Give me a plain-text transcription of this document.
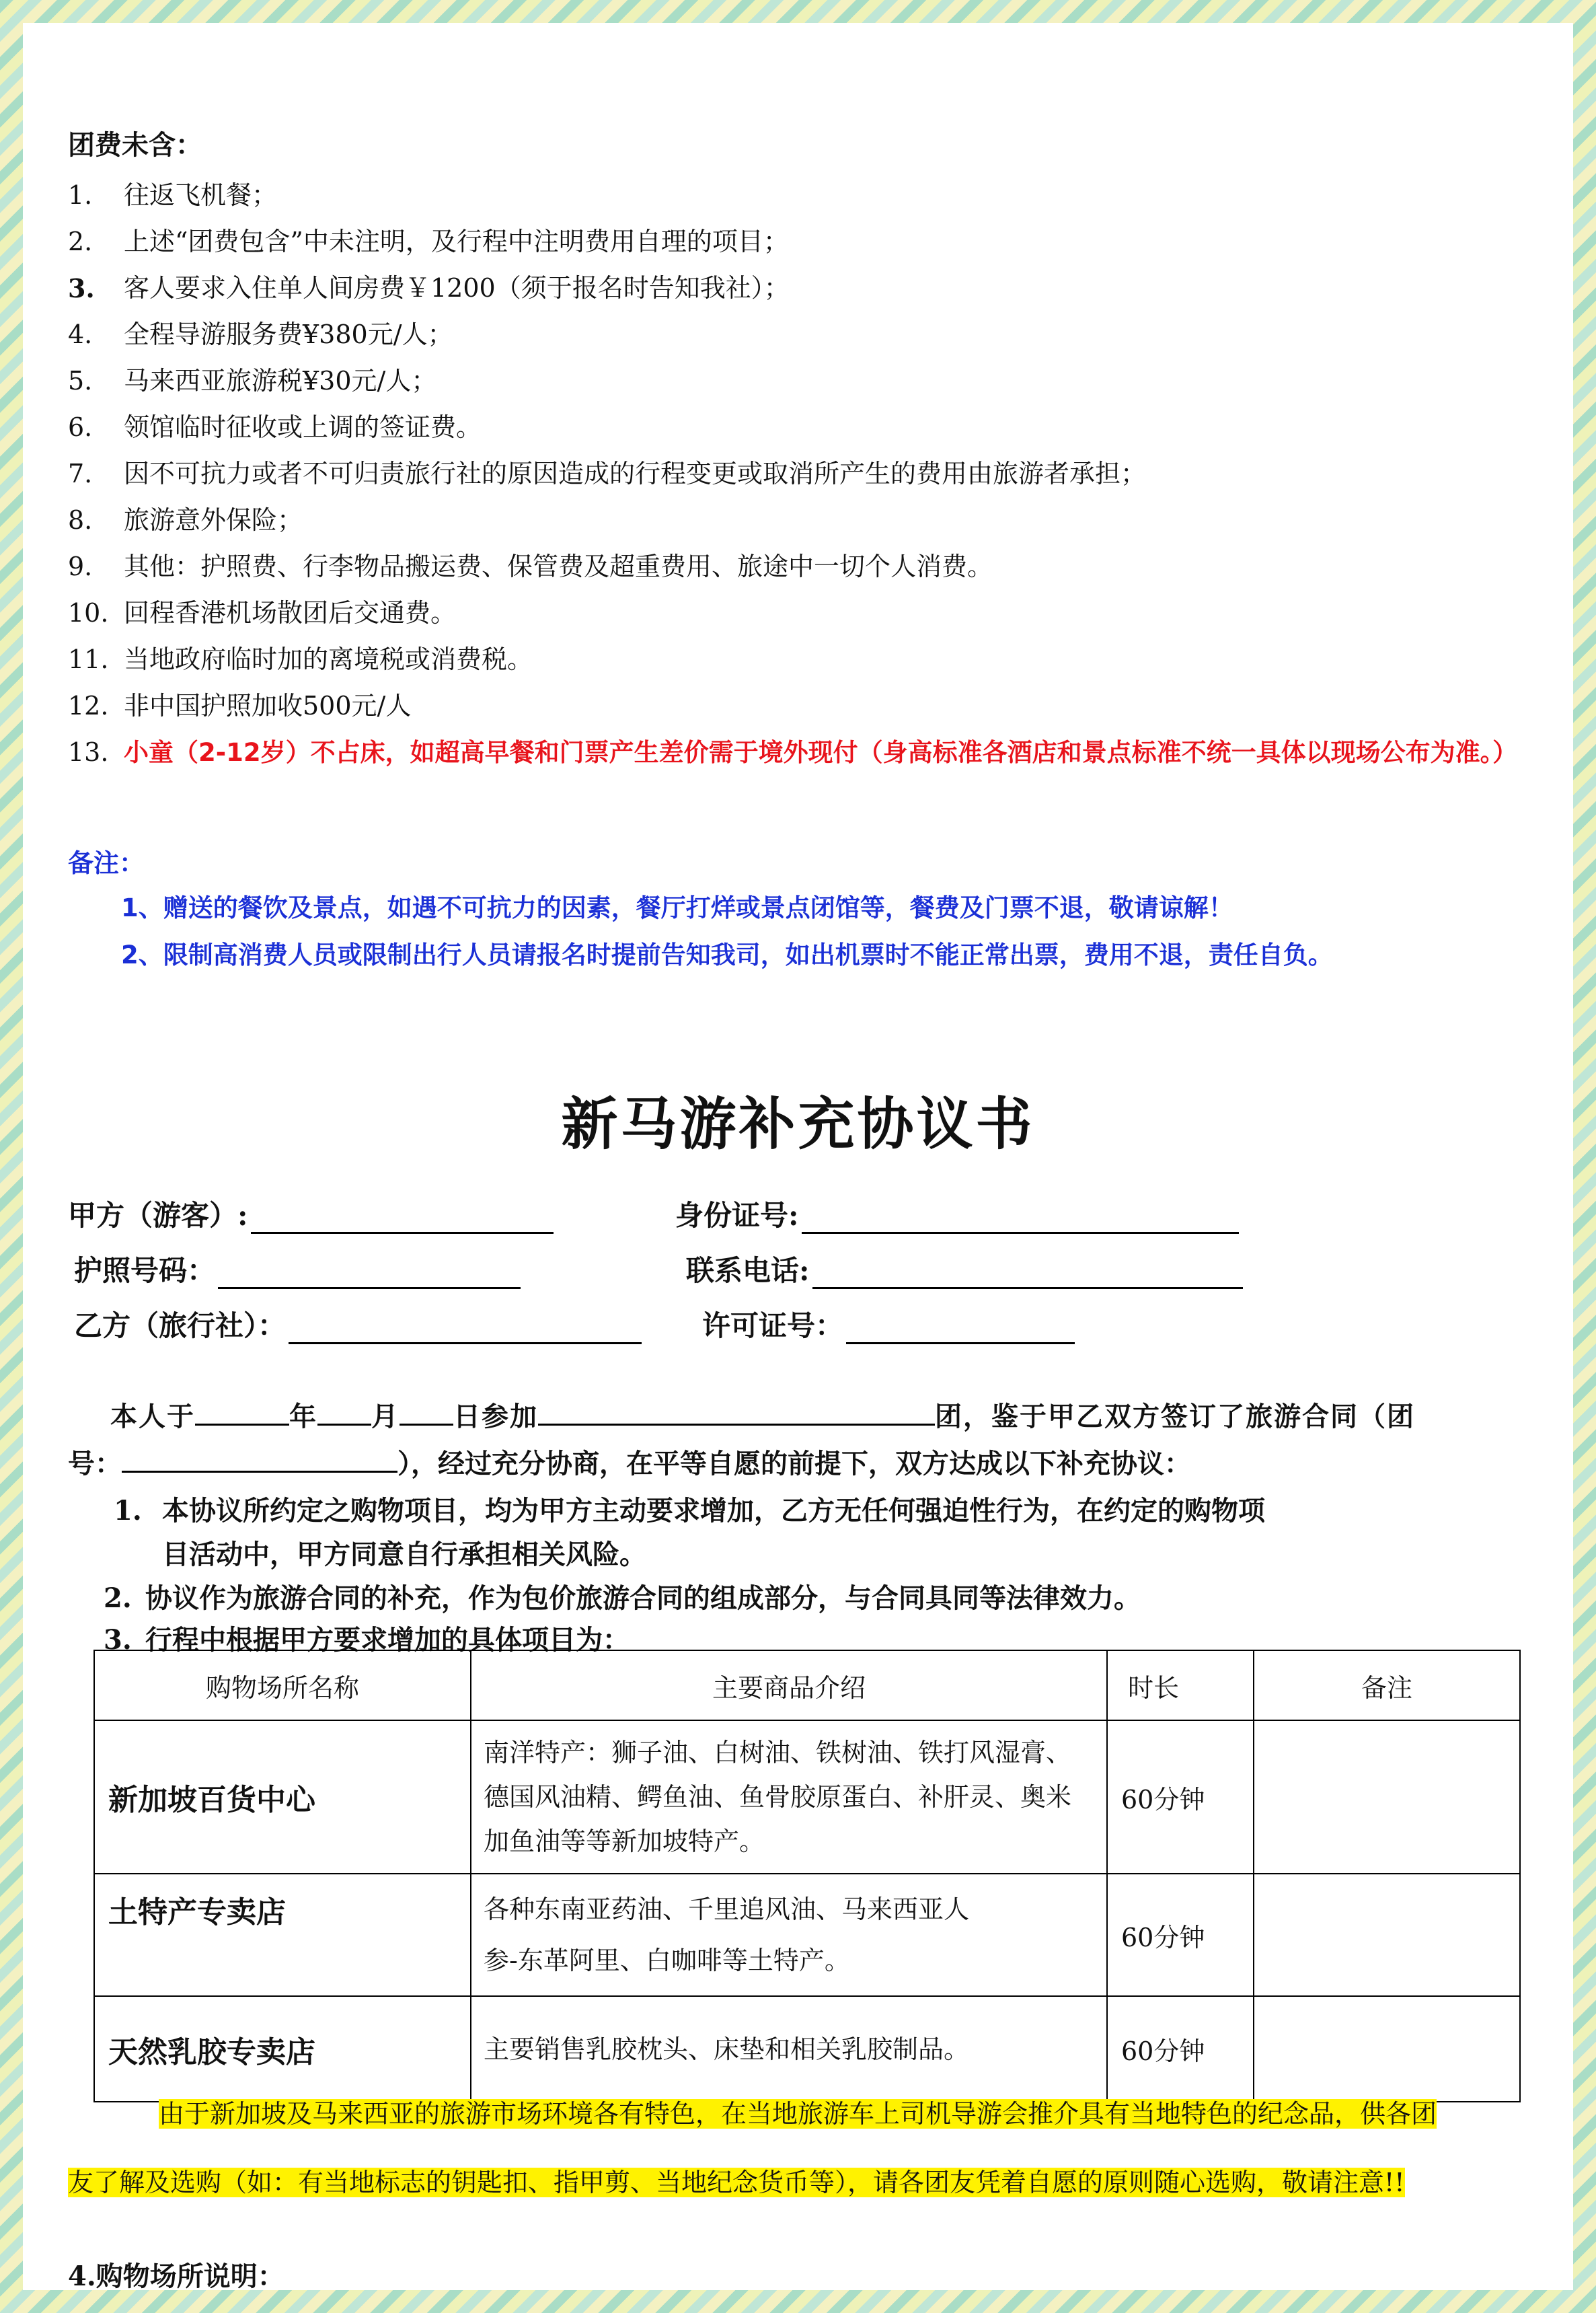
团费未含：
1.	往返飞机餐；
2.	上述“团费包含”中未注明，及行程中注明费用自理的项目；
3.	客人要求入住单人间房费￥1200（须于报名时告知我社）；
4.	全程导游服务费¥380元/人；
5.	马来西亚旅游税¥30元/人；
6.	领馆临时征收或上调的签证费。
7.	因不可抗力或者不可归责旅行社的原因造成的行程变更或取消所产生的费用由旅游者承担；
8.	旅游意外保险；
9.	其他：护照费、行李物品搬运费、保管费及超重费用、旅途中一切个人消费。
10. 回程香港机场散团后交通费。
11. 当地政府临时加的离境税或消费税。
12. 非中国护照加收500元/人
13. 小童（2-12岁）不占床，如超高早餐和门票产生差价需于境外现付（身高标准各酒店和景点标准不统一具体以现场公布为准。）
备注：
1、赠送的餐饮及景点，如遇不可抗力的因素，餐厅打烊或景点闭馆等，餐费及门票不退，敬请谅解！
2、限制高消费人员或限制出行人员请报名时提前告知我司，如出机票时不能正常出票，费用不退，责任自负。
新马游补充协议书
甲方（游客）:	身份证号:
护照号码：	联系电话:
乙方（旅行社）：	许可证号：
本人于	年 月 日参加	团，鉴于甲乙双方签订了旅游合同（团
号：	），经过充分协商，在平等自愿的前提下，双方达成以下补充协议：
1. 本协议所约定之购物项目，均为甲方主动要求增加，乙方无任何强迫性行为，在约定的购物项
目活动中，甲方同意自行承担相关风险。
2. 协议作为旅游合同的补充，作为包价旅游合同的组成部分，与合同具同等法律效力。
3. 行程中根据甲方要求增加的具体项目为：
购物场所名称	主要商品介绍	时长	备注
新加坡百货中心	南洋特产：狮子油、白树油、铁树油、铁打风湿膏、德国风油精、鳄鱼油、鱼骨胶原蛋白、补肝灵、奥米加鱼油等等新加坡特产。	60分钟	
土特产专卖店	各种东南亚药油、千里追风油、马来西亚人参-东革阿里、白咖啡等土特产。	60分钟	
天然乳胶专卖店	主要销售乳胶枕头、床垫和相关乳胶制品。	60分钟	
由于新加坡及马来西亚的旅游市场环境各有特色，在当地旅游车上司机导游会推介具有当地特色的纪念品，供各团
友了解及选购（如：有当地标志的钥匙扣、指甲剪、当地纪念货币等），请各团友凭着自愿的原则随心选购，敬请注意!!
4.购物场所说明：
